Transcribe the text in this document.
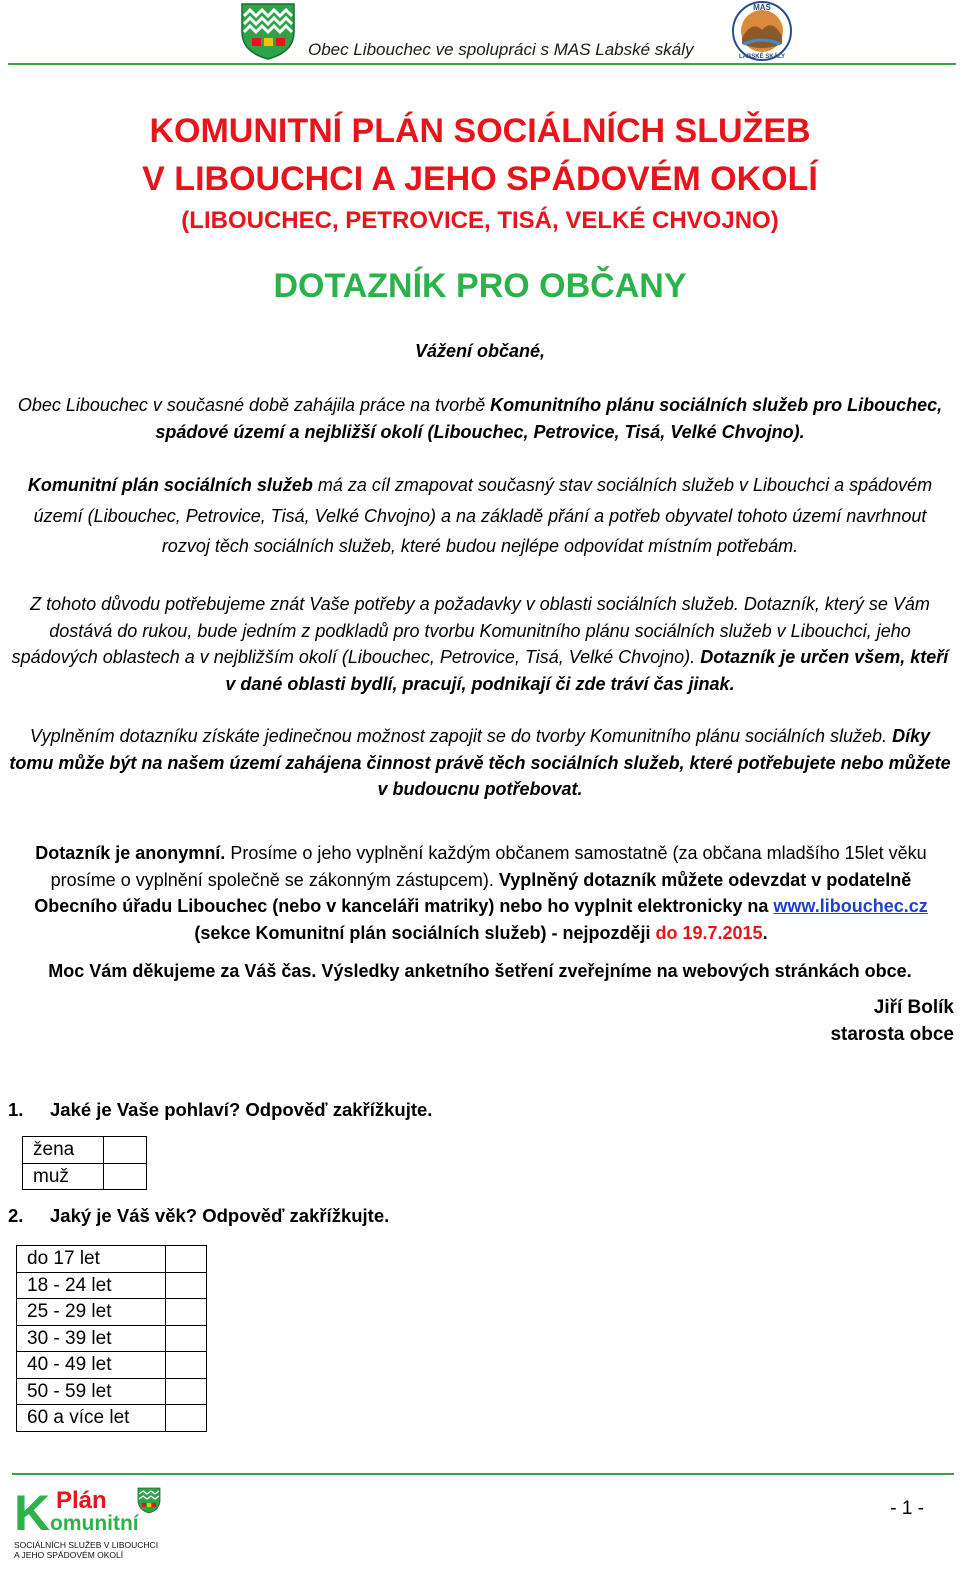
Obec Libouchec ve spolupráci s MAS Labské skály
MAS
LABSKÉ SKÁLY
KOMUNITNÍ PLÁN SOCIÁLNÍCH SLUŽEB
V LIBOUCHCI A JEHO SPÁDOVÉM OKOLÍ
(LIBOUCHEC, PETROVICE, TISÁ, VELKÉ CHVOJNO)
DOTAZNÍK PRO OBČANY
Vážení občané,
Obec Libouchec v současné době zahájila práce na tvorbě Komunitního plánu sociálních služeb pro Libouchec, spádové území a nejbližší okolí (Libouchec, Petrovice, Tisá, Velké Chvojno).
Komunitní plán sociálních služeb má za cíl zmapovat současný stav sociálních služeb v Libouchci a spádovém území (Libouchec, Petrovice, Tisá, Velké Chvojno) a na základě přání a potřeb obyvatel tohoto území navrhnout rozvoj těch sociálních služeb, které budou nejlépe odpovídat místním potřebám.
Z tohoto důvodu potřebujeme znát Vaše potřeby a požadavky v oblasti sociálních služeb. Dotazník, který se Vám dostává do rukou, bude jedním z podkladů pro tvorbu Komunitního plánu sociálních služeb v Libouchci, jeho spádových oblastech a v nejbližším okolí (Libouchec, Petrovice, Tisá, Velké Chvojno). Dotazník je určen všem, kteří v dané oblasti bydlí, pracují, podnikají či zde tráví čas jinak.
Vyplněním dotazníku získáte jedinečnou možnost zapojit se do tvorby Komunitního plánu sociálních služeb. Díky tomu může být na našem území zahájena činnost právě těch sociálních služeb, které potřebujete nebo můžete v budoucnu potřebovat.
Dotazník je anonymní. Prosíme o jeho vyplnění každým občanem samostatně (za občana mladšího 15let věku prosíme o vyplnění společně se zákonným zástupcem). Vyplněný dotazník můžete odevzdat v podatelně Obecního úřadu Libouchec (nebo v kanceláři matriky) nebo ho vyplnit elektronicky na www.libouchec.cz (sekce Komunitní plán sociálních služeb) - nejpozději do 19.7.2015.
Moc Vám děkujeme za Váš čas. Výsledky anketního šetření zveřejníme na webových stránkách obce.
Jiří Bolík
starosta obce
1. Jaké je Vaše pohlaví? Odpověď zakřížkujte.
žena	
muž	
2. Jaký je Váš věk? Odpověď zakřížkujte.
do 17 let	
18 - 24 let	
25 - 29 let	
30 - 39 let	
40 - 49 let	
50 - 59 let	
60 a více let	
K Plán
omunitní
SOCIÁLNÍCH SLUŽEB V LIBOUCHCI
A JEHO SPÁDOVÉM OKOLÍ
- 1 -
